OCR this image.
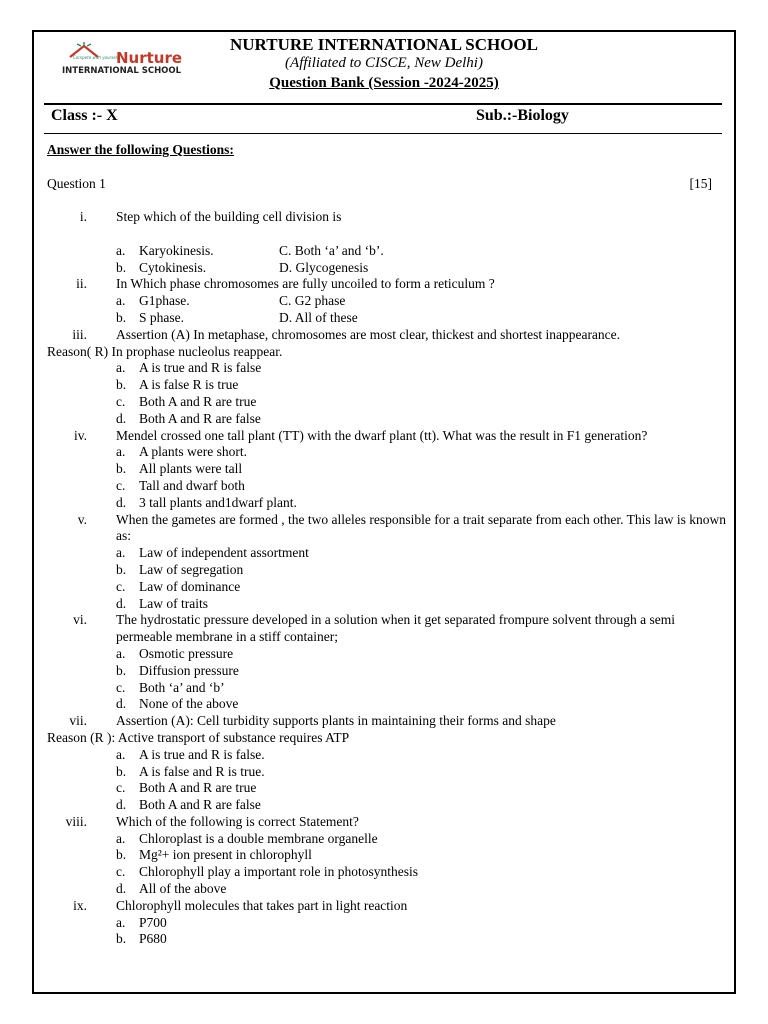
Compete with yourself
Nurture
INTERNATIONAL SCHOOL
NURTURE INTERNATIONAL SCHOOL
(Affiliated to CISCE, New Delhi)
Question Bank (Session -2024-2025)
Class :- X	Sub.:-Biology
Answer the following Questions:
Question 1	[15]
i. Step which of the building cell division is
a. Karyokinesis.	C. Both ‘a’ and ‘b’.
b. Cytokinesis.	D. Glycogenesis
ii. In Which phase chromosomes are fully uncoiled to form a reticulum ?
a. G1phase.	C. G2 phase
b. S phase.	D. All of these
iii. Assertion (A) In metaphase, chromosomes are most clear, thickest and shortest inappearance.
Reason( R) In prophase nucleolus reappear.
a. A is true and R is false
b. A is false R is true
c. Both A and R are true
d. Both A and R are false
iv. Mendel crossed one tall plant (TT) with the dwarf plant (tt). What was the result in F1 generation?
a. A plants were short.
b. All plants were tall
c. Tall and dwarf both
d. 3 tall plants and1dwarf plant.
v. When the gametes are formed , the two alleles responsible for a trait separate from each other. This law is known as:
a. Law of independent assortment
b. Law of segregation
c. Law of dominance
d. Law of traits
vi. The hydrostatic pressure developed in a solution when it get separated frompure solvent through a semi permeable membrane in a stiff container;
a. Osmotic pressure
b. Diffusion pressure
c. Both ‘a’ and ‘b’
d. None of the above
vii. Assertion (A): Cell turbidity supports plants in maintaining their forms and shape
Reason (R ): Active transport of substance requires ATP
a. A is true and R is false.
b. A is false and R is true.
c. Both A and R are true
d. Both A and R are false
viii. Which of the following is correct Statement?
a. Chloroplast is a double membrane organelle
b. Mg²+ ion present in chlorophyll
c. Chlorophyll play a important role in photosynthesis
d. All of the above
ix. Chlorophyll molecules that takes part in light reaction
a. P700
b. P680
